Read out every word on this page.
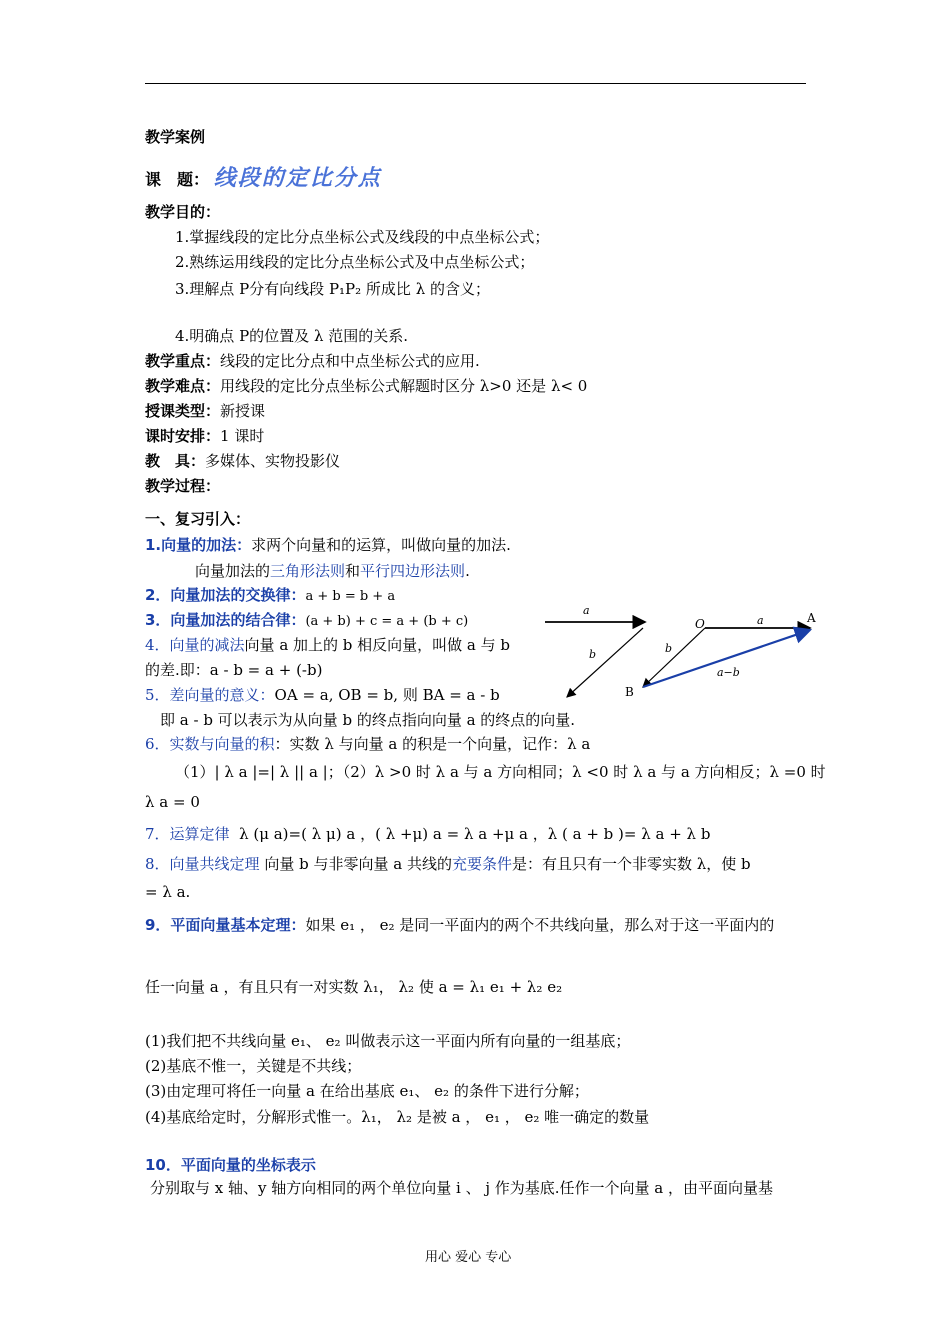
教学案例
课　题： 线段的定比分点
教学目的：
1.掌握线段的定比分点坐标公式及线段的中点坐标公式；
2.熟练运用线段的定比分点坐标公式及中点坐标公式；
3.理解点 P分有向线段 P₁P₂ 所成比 λ 的含义；
4.明确点 P的位置及 λ 范围的关系.
教学重点：线段的定比分点和中点坐标公式的应用.
教学难点：用线段的定比分点坐标公式解题时区分 λ>0 还是 λ< 0
授课类型：新授课
课时安排：1 课时
教　具：多媒体、实物投影仪
教学过程：
一、复习引入：
1.向量的加法：求两个向量和的运算，叫做向量的加法.
向量加法的三角形法则和平行四边形法则.
2．向量加法的交换律：a + b = b + a
3．向量加法的结合律：(a + b) + c = a + (b + c)
4．向量的减法向量 a 加上的 b 相反向量，叫做 a 与 b
的差.即：a - b = a + (-b)
5．差向量的意义：OA = a, OB = b, 则 BA = a - b
即 a - b 可以表示为从向量 b 的终点指向向量 a 的终点的向量.
a
b
O	A
B
a
b
a−b
6．实数与向量的积：实数 λ 与向量 a 的积是一个向量，记作：λ a
（1）| λ a |=| λ || a |；（2）λ >0 时 λ a 与 a 方向相同；λ <0 时 λ a 与 a 方向相反；λ =0 时
λ a = 0
7．运算定律 λ (μ a)=( λ μ) a ，( λ +μ) a = λ a +μ a ，λ ( a + b )= λ a + λ b
8．向量共线定理 向量 b 与非零向量 a 共线的充要条件是：有且只有一个非零实数 λ，使 b
= λ a.
9．平面向量基本定理：如果 e₁ ， e₂ 是同一平面内的两个不共线向量，那么对于这一平面内的
任一向量 a ，有且只有一对实数 λ₁， λ₂ 使 a = λ₁ e₁ + λ₂ e₂
(1)我们把不共线向量 e₁、 e₂ 叫做表示这一平面内所有向量的一组基底；
(2)基底不惟一，关键是不共线；
(3)由定理可将任一向量 a 在给出基底 e₁、 e₂ 的条件下进行分解；
(4)基底给定时，分解形式惟一。λ₁， λ₂ 是被 a ， e₁ ， e₂ 唯一确定的数量
10．平面向量的坐标表示
分别取与 x 轴、y 轴方向相同的两个单位向量 i 、 j 作为基底.任作一个向量 a ，由平面向量基
用心 爱心 专心
